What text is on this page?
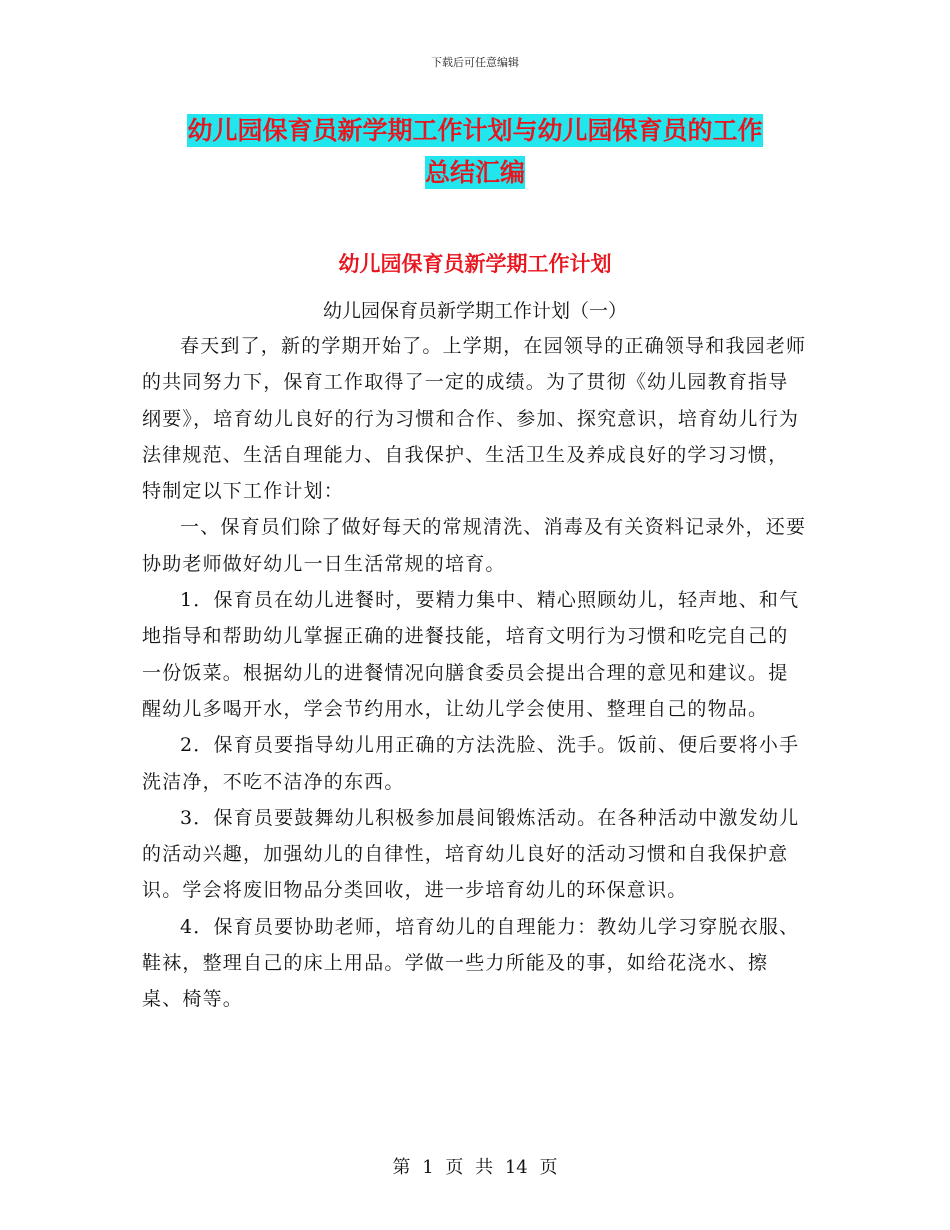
下载后可任意编辑
幼儿园保育员新学期工作计划与幼儿园保育员的工作
总结汇编
幼儿园保育员新学期工作计划
幼儿园保育员新学期工作计划（一）

春天到了，新的学期开始了。上学期，在园领导的正确领导和我园老师的共同努力下，保育工作取得了一定的成绩。为了贯彻《幼儿园教育指导纲要》，培育幼儿良好的行为习惯和合作、参加、探究意识，培育幼儿行为法律规范、生活自理能力、自我保护、生活卫生及养成良好的学习习惯，特制定以下工作计划：

一、保育员们除了做好每天的常规清洗、消毒及有关资料记录外，还要协助老师做好幼儿一日生活常规的培育。

1．保育员在幼儿进餐时，要精力集中、精心照顾幼儿，轻声地、和气地指导和帮助幼儿掌握正确的进餐技能，培育文明行为习惯和吃完自己的一份饭菜。根据幼儿的进餐情况向膳食委员会提出合理的意见和建议。提醒幼儿多喝开水，学会节约用水，让幼儿学会使用、整理自己的物品。

2．保育员要指导幼儿用正确的方法洗脸、洗手。饭前、便后要将小手洗洁净，不吃不洁净的东西。

3．保育员要鼓舞幼儿积极参加晨间锻炼活动。在各种活动中激发幼儿的活动兴趣，加强幼儿的自律性，培育幼儿良好的活动习惯和自我保护意识。学会将废旧物品分类回收，进一步培育幼儿的环保意识。

4．保育员要协助老师，培育幼儿的自理能力：教幼儿学习穿脱衣服、鞋袜，整理自己的床上用品。学做一些力所能及的事，如给花浇水、擦桌、椅等。

第 1 页 共 14 页
